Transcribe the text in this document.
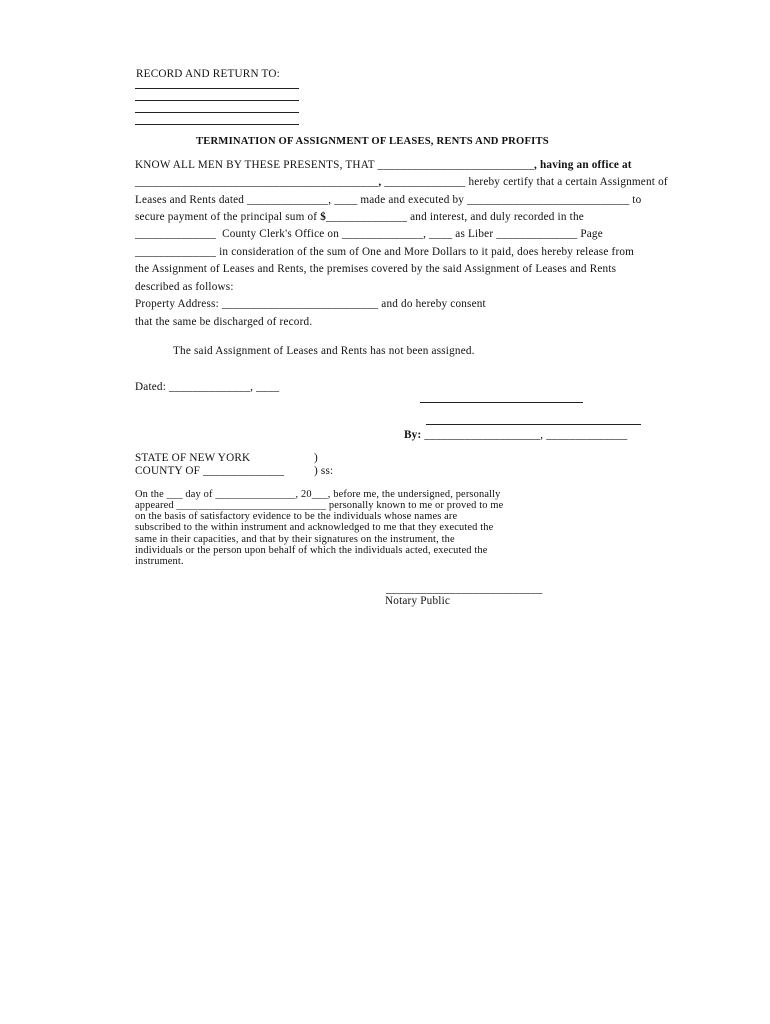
RECORD AND RETURN TO:
TERMINATION OF ASSIGNMENT OF LEASES, RENTS AND PROFITS
KNOW ALL MEN BY THESE PRESENTS, THAT ___________________________, having an office at
__________________________________________, ______________ hereby certify that a certain Assignment of
Leases and Rents dated ______________, ____ made and executed by ____________________________ to
secure payment of the principal sum of $______________ and interest, and duly recorded in the
______________  County Clerk's Office on ______________, ____ as Liber ______________ Page
______________ in consideration of the sum of One and More Dollars to it paid, does hereby release from
the Assignment of Leases and Rents, the premises covered by the said Assignment of Leases and Rents
described as follows:
Property Address: ___________________________ and do hereby consent
that the same be discharged of record.
The said Assignment of Leases and Rents has not been assigned.
Dated: ______________, ____
By: ____________________, ______________
STATE OF NEW YORK	)
COUNTY OF ______________	) ss:
On the ___ day of _______________, 20___, before me, the undersigned, personally
appeared ____________________________ personally known to me or proved to me
on the basis of satisfactory evidence to be the individuals whose names are
subscribed to the within instrument and acknowledged to me that they executed the
same in their capacities, and that by their signatures on the instrument, the
individuals or the person upon behalf of which the individuals acted, executed the
instrument.
___________________________
Notary Public
